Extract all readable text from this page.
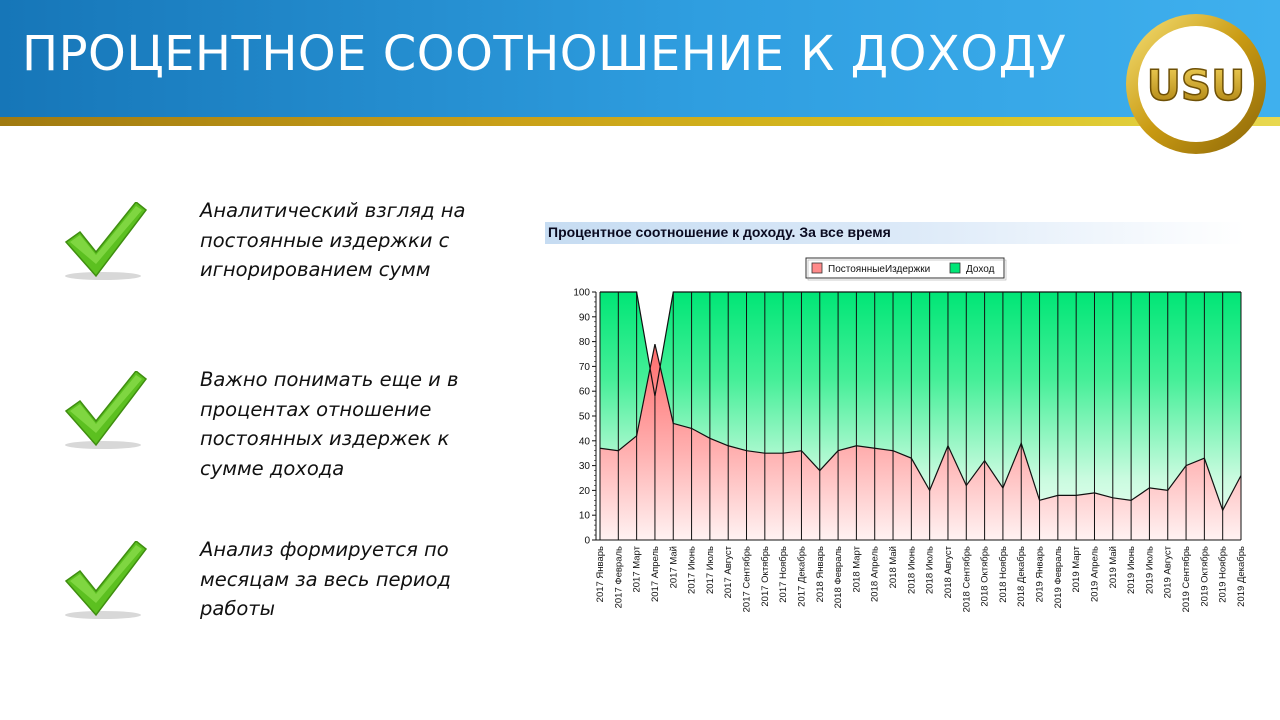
ПРОЦЕНТНОЕ СООТНОШЕНИЕ К ДОХОДУ
USU

Аналитический взгляд на постоянные издержки с игнорированием сумм

Важно понимать еще и в процентах отношение постоянных издержек к сумме дохода

Анализ формируется по месяцам за весь период работы

Процентное соотношение к доходу. За все время
ПостоянныеИздержки	Доход
0
10
20
30
40
50
60
70
80
90
100
2017 Январь 2017 Февраль 2017 Март 2017 Апрель 2017 Май 2017 Июнь 2017 Июль 2017 Август 2017 Сентябрь 2017 Октябрь 2017 Ноябрь 2017 Декабрь 2018 Январь 2018 Февраль 2018 Март 2018 Апрель 2018 Май 2018 Июнь 2018 Июль 2018 Август 2018 Сентябрь 2018 Октябрь 2018 Ноябрь 2018 Декабрь 2019 Январь 2019 Февраль 2019 Март 2019 Апрель 2019 Май 2019 Июнь 2019 Июль 2019 Август 2019 Сентябрь 2019 Октябрь 2019 Ноябрь 2019 Декабрь
